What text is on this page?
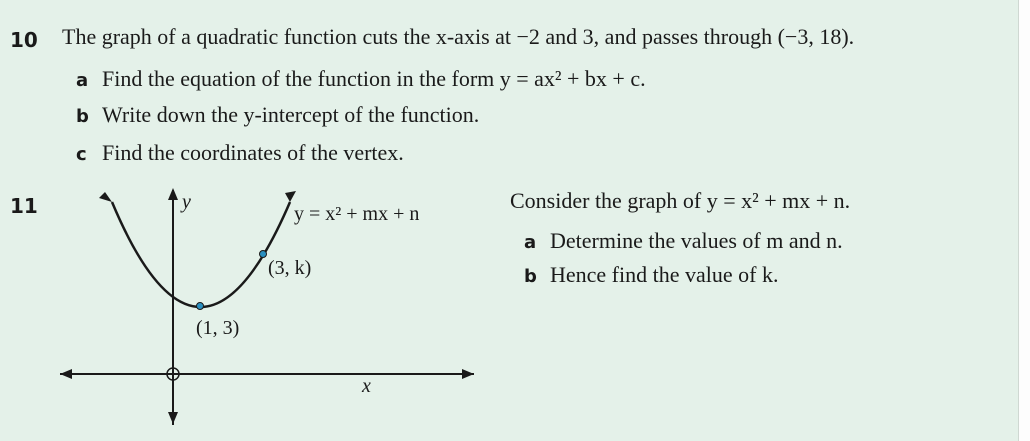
10 The graph of a quadratic function cuts the x-axis at −2 and 3, and passes through (−3, 18).
a Find the equation of the function in the form y = ax² + bx + c.
b Write down the y-intercept of the function.
c Find the coordinates of the vertex.
11	y
x
y = x² + mx + n
(3, k)
(1, 3)
Consider the graph of y = x² + mx + n.
a Determine the values of m and n.
b Hence find the value of k.
